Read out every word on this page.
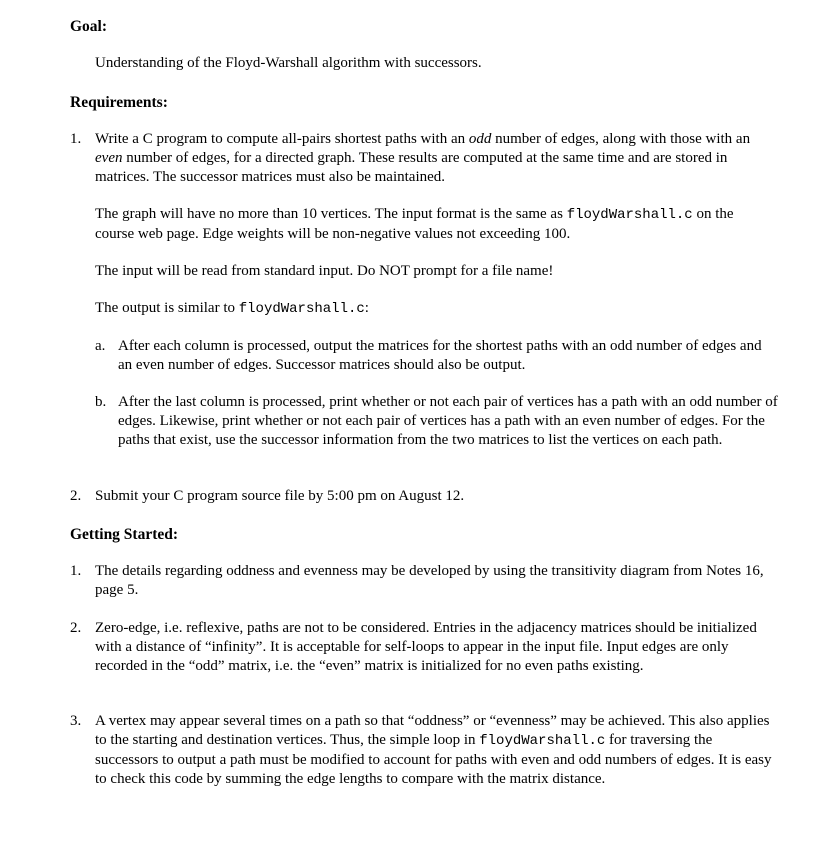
Goal:
Understanding of the Floyd-Warshall algorithm with successors.
Requirements:
1. Write a C program to compute all-pairs shortest paths with an odd number of edges, along with those with an even number of edges, for a directed graph. These results are computed at the same time and are stored in matrices. The successor matrices must also be maintained.
The graph will have no more than 10 vertices. The input format is the same as floydWarshall.c on the course web page. Edge weights will be non-negative values not exceeding 100.
The input will be read from standard input. Do NOT prompt for a file name!
The output is similar to floydWarshall.c:
a. After each column is processed, output the matrices for the shortest paths with an odd number of edges and an even number of edges. Successor matrices should also be output.
b. After the last column is processed, print whether or not each pair of vertices has a path with an odd number of edges. Likewise, print whether or not each pair of vertices has a path with an even number of edges. For the paths that exist, use the successor information from the two matrices to list the vertices on each path.
2. Submit your C program source file by 5:00 pm on August 12.
Getting Started:
1. The details regarding oddness and evenness may be developed by using the transitivity diagram from Notes 16, page 5.
2. Zero-edge, i.e. reflexive, paths are not to be considered. Entries in the adjacency matrices should be initialized with a distance of “infinity”. It is acceptable for self-loops to appear in the input file. Input edges are only recorded in the “odd” matrix, i.e. the “even” matrix is initialized for no even paths existing.
3. A vertex may appear several times on a path so that “oddness” or “evenness” may be achieved. This also applies to the starting and destination vertices. Thus, the simple loop in floydWarshall.c for traversing the successors to output a path must be modified to account for paths with even and odd numbers of edges. It is easy to check this code by summing the edge lengths to compare with the matrix distance.
